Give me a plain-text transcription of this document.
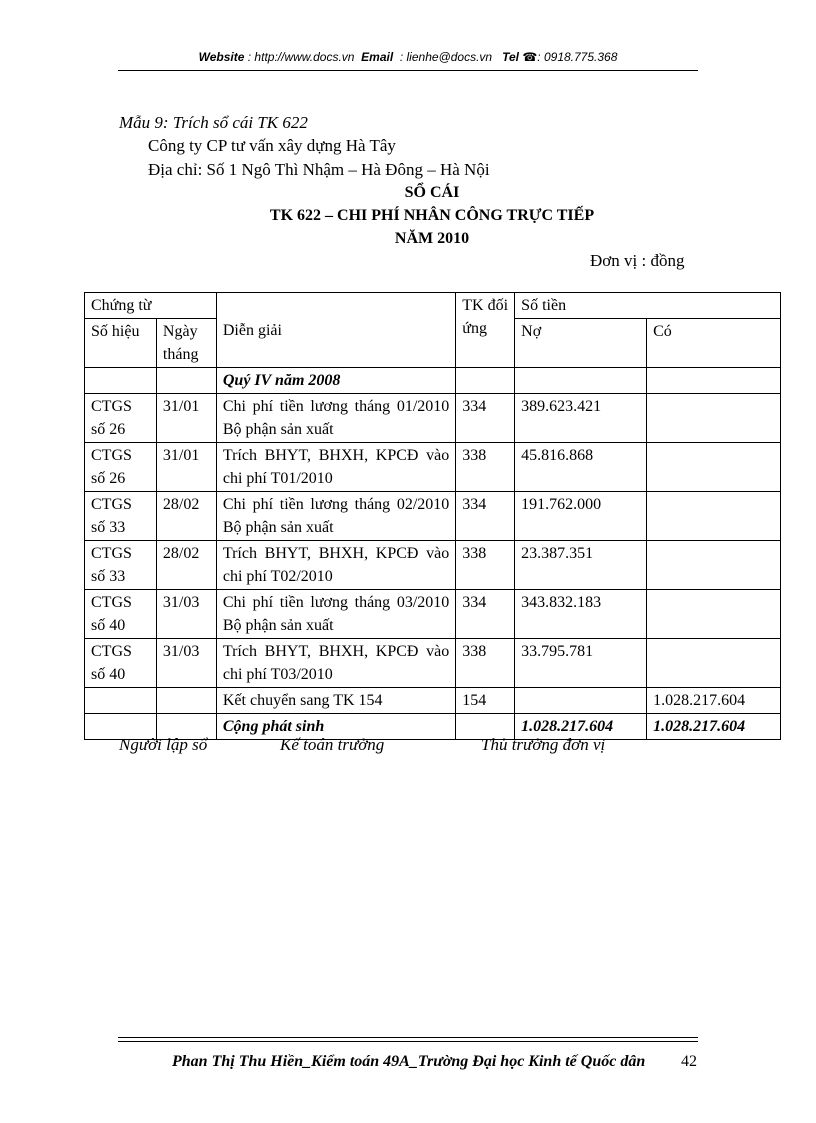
Website : http://www.docs.vn Email : lienhe@docs.vn Tel ☎: 0918.775.368
Mẫu 9: Trích sổ cái TK 622
Công ty CP tư vấn xây dựng Hà Tây
Địa chỉ: Số 1 Ngô Thì Nhậm – Hà Đông – Hà Nội
SỔ CÁI
TK 622 – CHI PHÍ NHÂN CÔNG TRỰC TIẾP
NĂM 2010
Đơn vị : đồng
Chứng từ		Diễn giải	TK đối ứng	Số tiền	
Số hiệu	Ngày tháng			Nợ	Có
		Quý IV năm 2008			
CTGS số 26	31/01	Chi phí tiền lương tháng 01/2010 Bộ phận sản xuất	334	389.623.421	
CTGS số 26	31/01	Trích BHYT, BHXH, KPCĐ vào chi phí T01/2010	338	45.816.868	
CTGS số 33	28/02	Chi phí tiền lương tháng 02/2010 Bộ phận sản xuất	334	191.762.000	
CTGS số 33	28/02	Trích BHYT, BHXH, KPCĐ vào chi phí T02/2010	338	23.387.351	
CTGS số 40	31/03	Chi phí tiền lương tháng 03/2010 Bộ phận sản xuất	334	343.832.183	
CTGS số 40	31/03	Trích BHYT, BHXH, KPCĐ vào chi phí T03/2010	338	33.795.781	
		Kết chuyển sang TK 154	154		1.028.217.604
		Cộng phát sinh		1.028.217.604	1.028.217.604
Người lập sổ	Kế toán trưởng	Thủ trưởng đơn vị
Phan Thị Thu Hiền_Kiểm toán 49A_Trường Đại học Kinh tế Quốc dân 42
